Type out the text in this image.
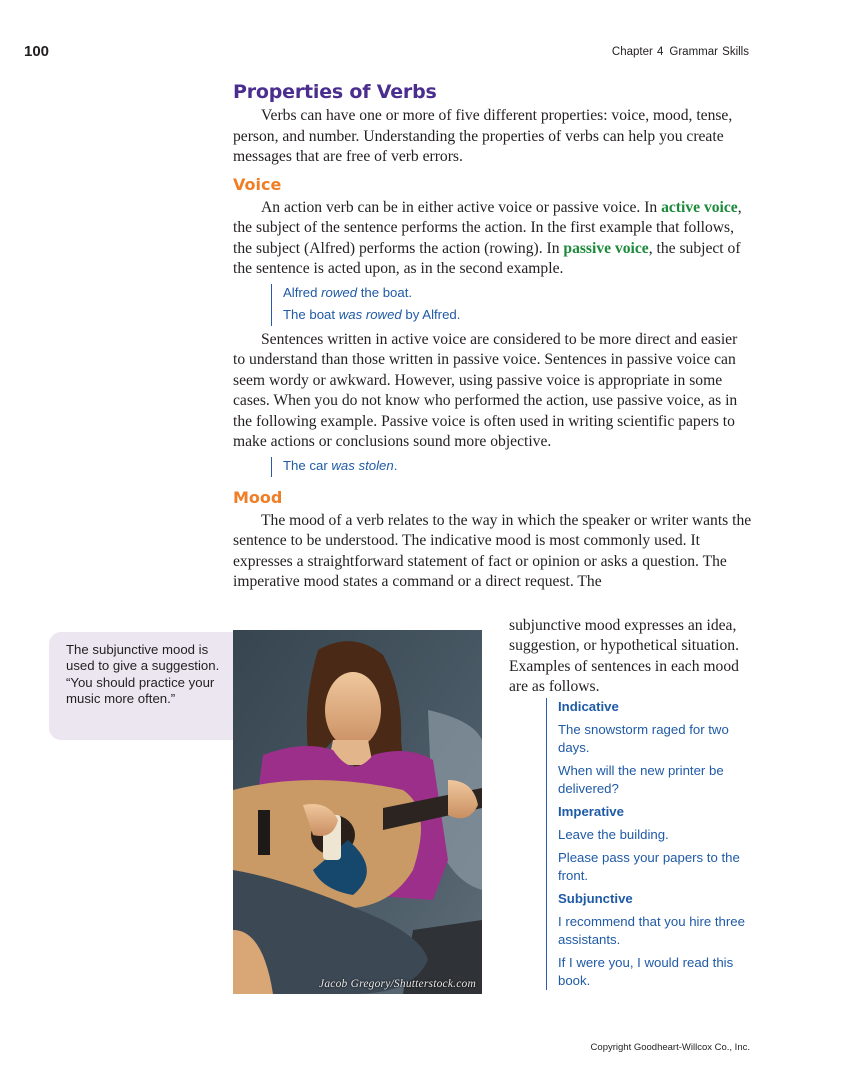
100	Chapter 4 Grammar Skills
Properties of Verbs

Verbs can have one or more of five different properties: voice, mood, tense, person, and number. Understanding the properties of verbs can help you create messages that are free of verb errors.

Voice

An action verb can be in either active voice or passive voice. In active voice, the subject of the sentence performs the action. In the first example that follows, the subject (Alfred) performs the action (rowing). In passive voice, the subject of the sentence is acted upon, as in the second example.

Alfred rowed the boat.
The boat was rowed by Alfred.

Sentences written in active voice are considered to be more direct and easier to understand than those written in passive voice. Sentences in passive voice can seem wordy or awkward. However, using passive voice is appropriate in some cases. When you do not know who performed the action, use passive voice, as in the following example. Passive voice is often used in writing scientific papers to make actions or conclusions sound more objective.

The car was stolen.
Mood

The mood of a verb relates to the way in which the speaker or writer wants the sentence to be understood. The indicative mood is most commonly used. It expresses a straightforward statement of fact or opinion or asks a question. The imperative mood states a command or a direct request. The

The subjunctive mood is used to give a suggestion. “You should practice your music more often.”
Jacob Gregory/Shutterstock.com
subjunctive mood expresses an idea, suggestion, or hypothetical situation. Examples of sentences in each mood are as follows.
Indicative
The snowstorm raged for two days.
When will the new printer be delivered?
Imperative
Leave the building.
Please pass your papers to the front.
Subjunctive
I recommend that you hire three assistants.
If I were you, I would read this book.
Copyright Goodheart-Willcox Co., Inc.
